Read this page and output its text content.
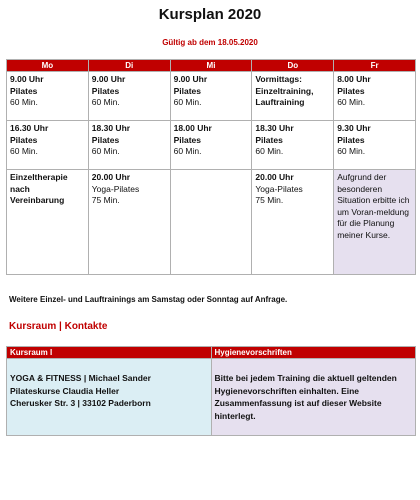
Kursplan 2020
Gültig ab dem 18.05.2020
Mo	Di	Mi	Do	Fr

9.00 Uhr
Pilates
60 Min.	9.00 Uhr
Pilates
60 Min.	9.00 Uhr
Pilates
60 Min.	Vormittags:
Einzeltraining,
Lauftraining	8.00 Uhr
Pilates
60 Min.

16.30 Uhr
Pilates
60 Min.	18.30 Uhr
Pilates
60 Min.	18.00 Uhr
Pilates
60 Min.	18.30 Uhr
Pilates
60 Min.	9.30 Uhr
Pilates
60 Min.

Einzeltherapie
nach
Vereinbarung	20.00 Uhr
Yoga-Pilates
75 Min.		20.00 Uhr
Yoga-Pilates
75 Min.	Aufgrund der besonderen Situation erbitte ich um Voran-meldung für die Planung meiner Kurse.
Weitere Einzel- und Lauftrainings am Samstag oder Sonntag auf Anfrage.
Kursraum | Kontakte
Kursraum I	Hygienevorschriften

YOGA & FITNESS | Michael Sander
Pilateskurse Claudia Heller
Cherusker Str. 3 | 33102 Paderborn	Bitte bei jedem Training die aktuell geltenden
Hygienevorschriften einhalten. Eine
Zusammenfassung ist auf dieser Website
hinterlegt.
